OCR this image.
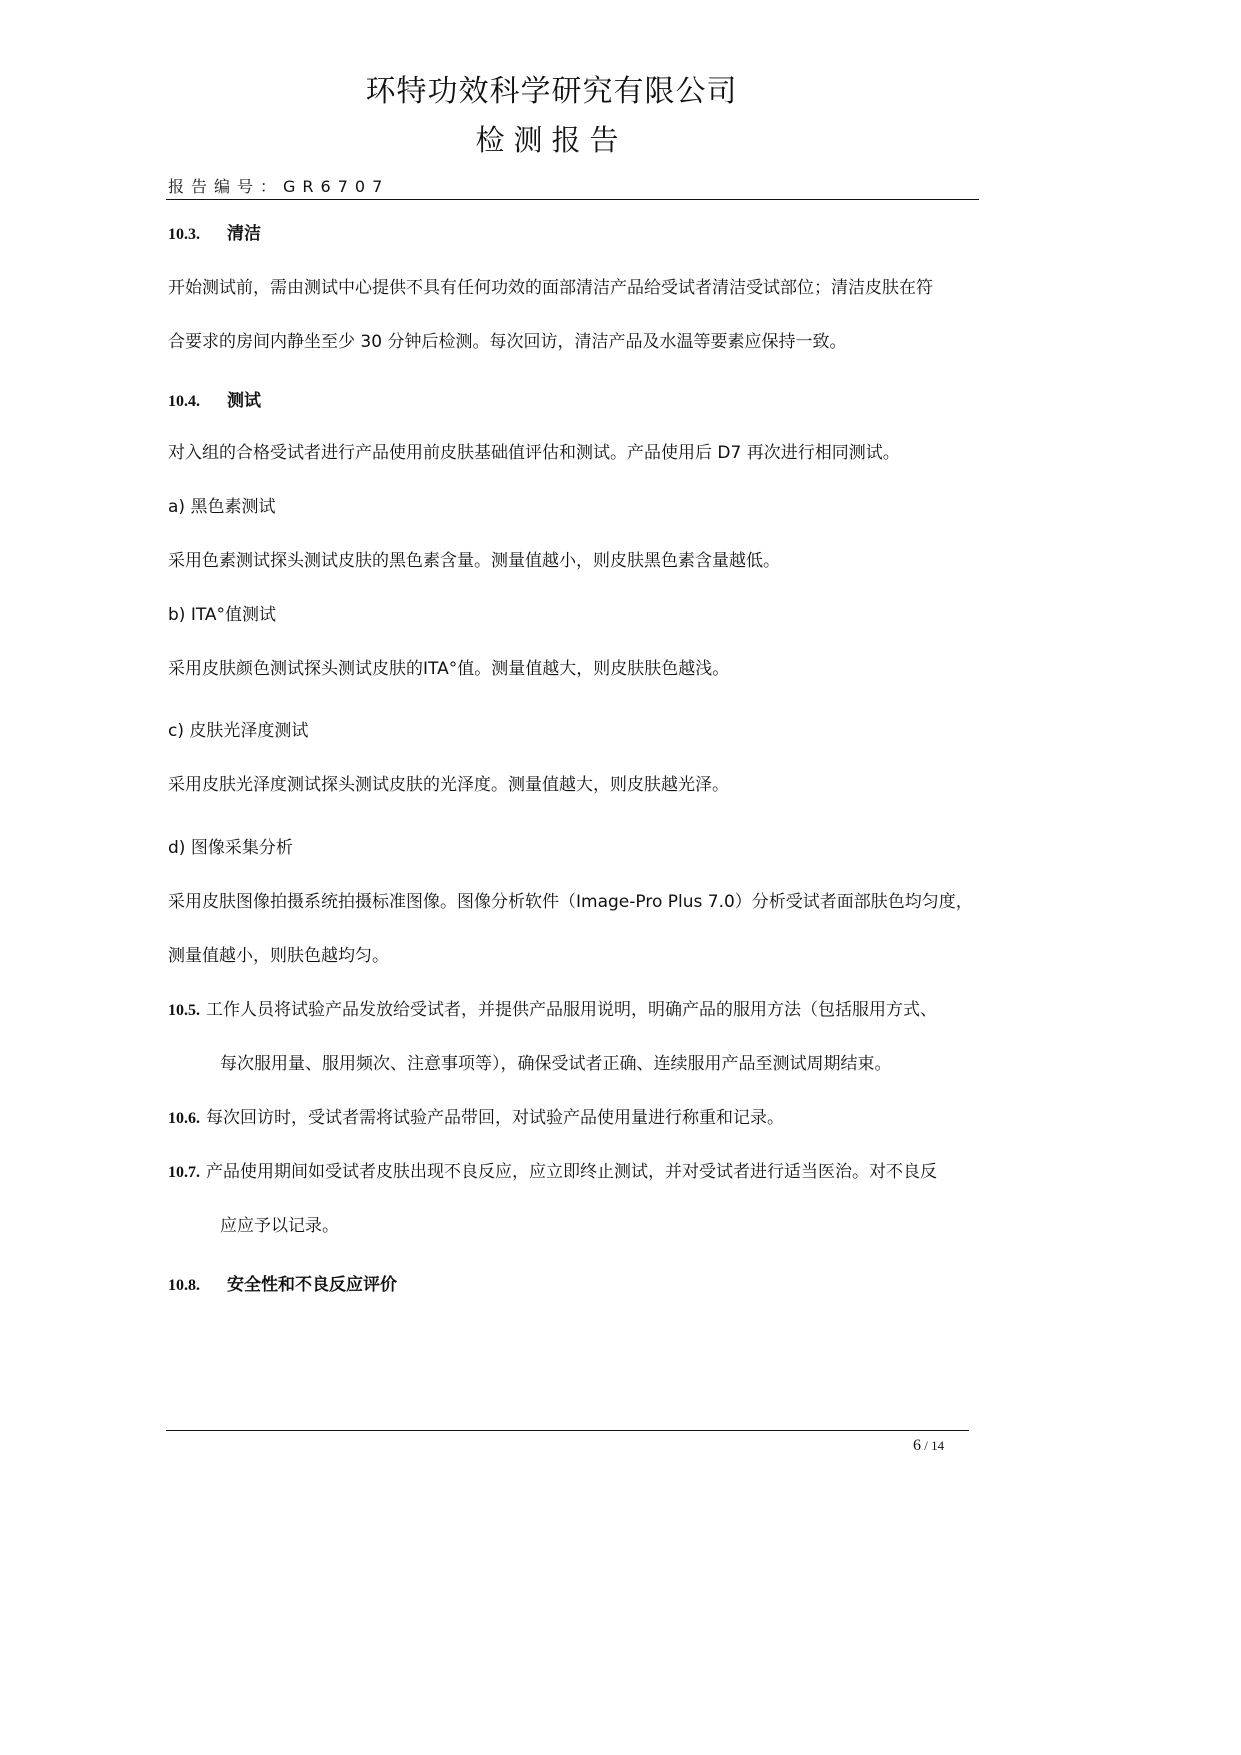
环特功效科学研究有限公司
检测报告
报告编号：GR6707
10.3. 清洁
开始测试前，需由测试中心提供不具有任何功效的面部清洁产品给受试者清洁受试部位；清洁皮肤在符
合要求的房间内静坐至少 30 分钟后检测。每次回访，清洁产品及水温等要素应保持一致。
10.4. 测试
对入组的合格受试者进行产品使用前皮肤基础值评估和测试。产品使用后 D7 再次进行相同测试。
a) 黑色素测试
采用色素测试探头测试皮肤的黑色素含量。测量值越小，则皮肤黑色素含量越低。
b) ITA°值测试
采用皮肤颜色测试探头测试皮肤的ITA°值。测量值越大，则皮肤肤色越浅。
c) 皮肤光泽度测试
采用皮肤光泽度测试探头测试皮肤的光泽度。测量值越大，则皮肤越光泽。
d) 图像采集分析
采用皮肤图像拍摄系统拍摄标准图像。图像分析软件（Image-Pro Plus 7.0）分析受试者面部肤色均匀度，
测量值越小，则肤色越均匀。
10.5. 工作人员将试验产品发放给受试者，并提供产品服用说明，明确产品的服用方法（包括服用方式、
每次服用量、服用频次、注意事项等），确保受试者正确、连续服用产品至测试周期结束。
10.6. 每次回访时，受试者需将试验产品带回，对试验产品使用量进行称重和记录。
10.7. 产品使用期间如受试者皮肤出现不良反应，应立即终止测试，并对受试者进行适当医治。对不良反
应应予以记录。
10.8. 安全性和不良反应评价
6 / 14
